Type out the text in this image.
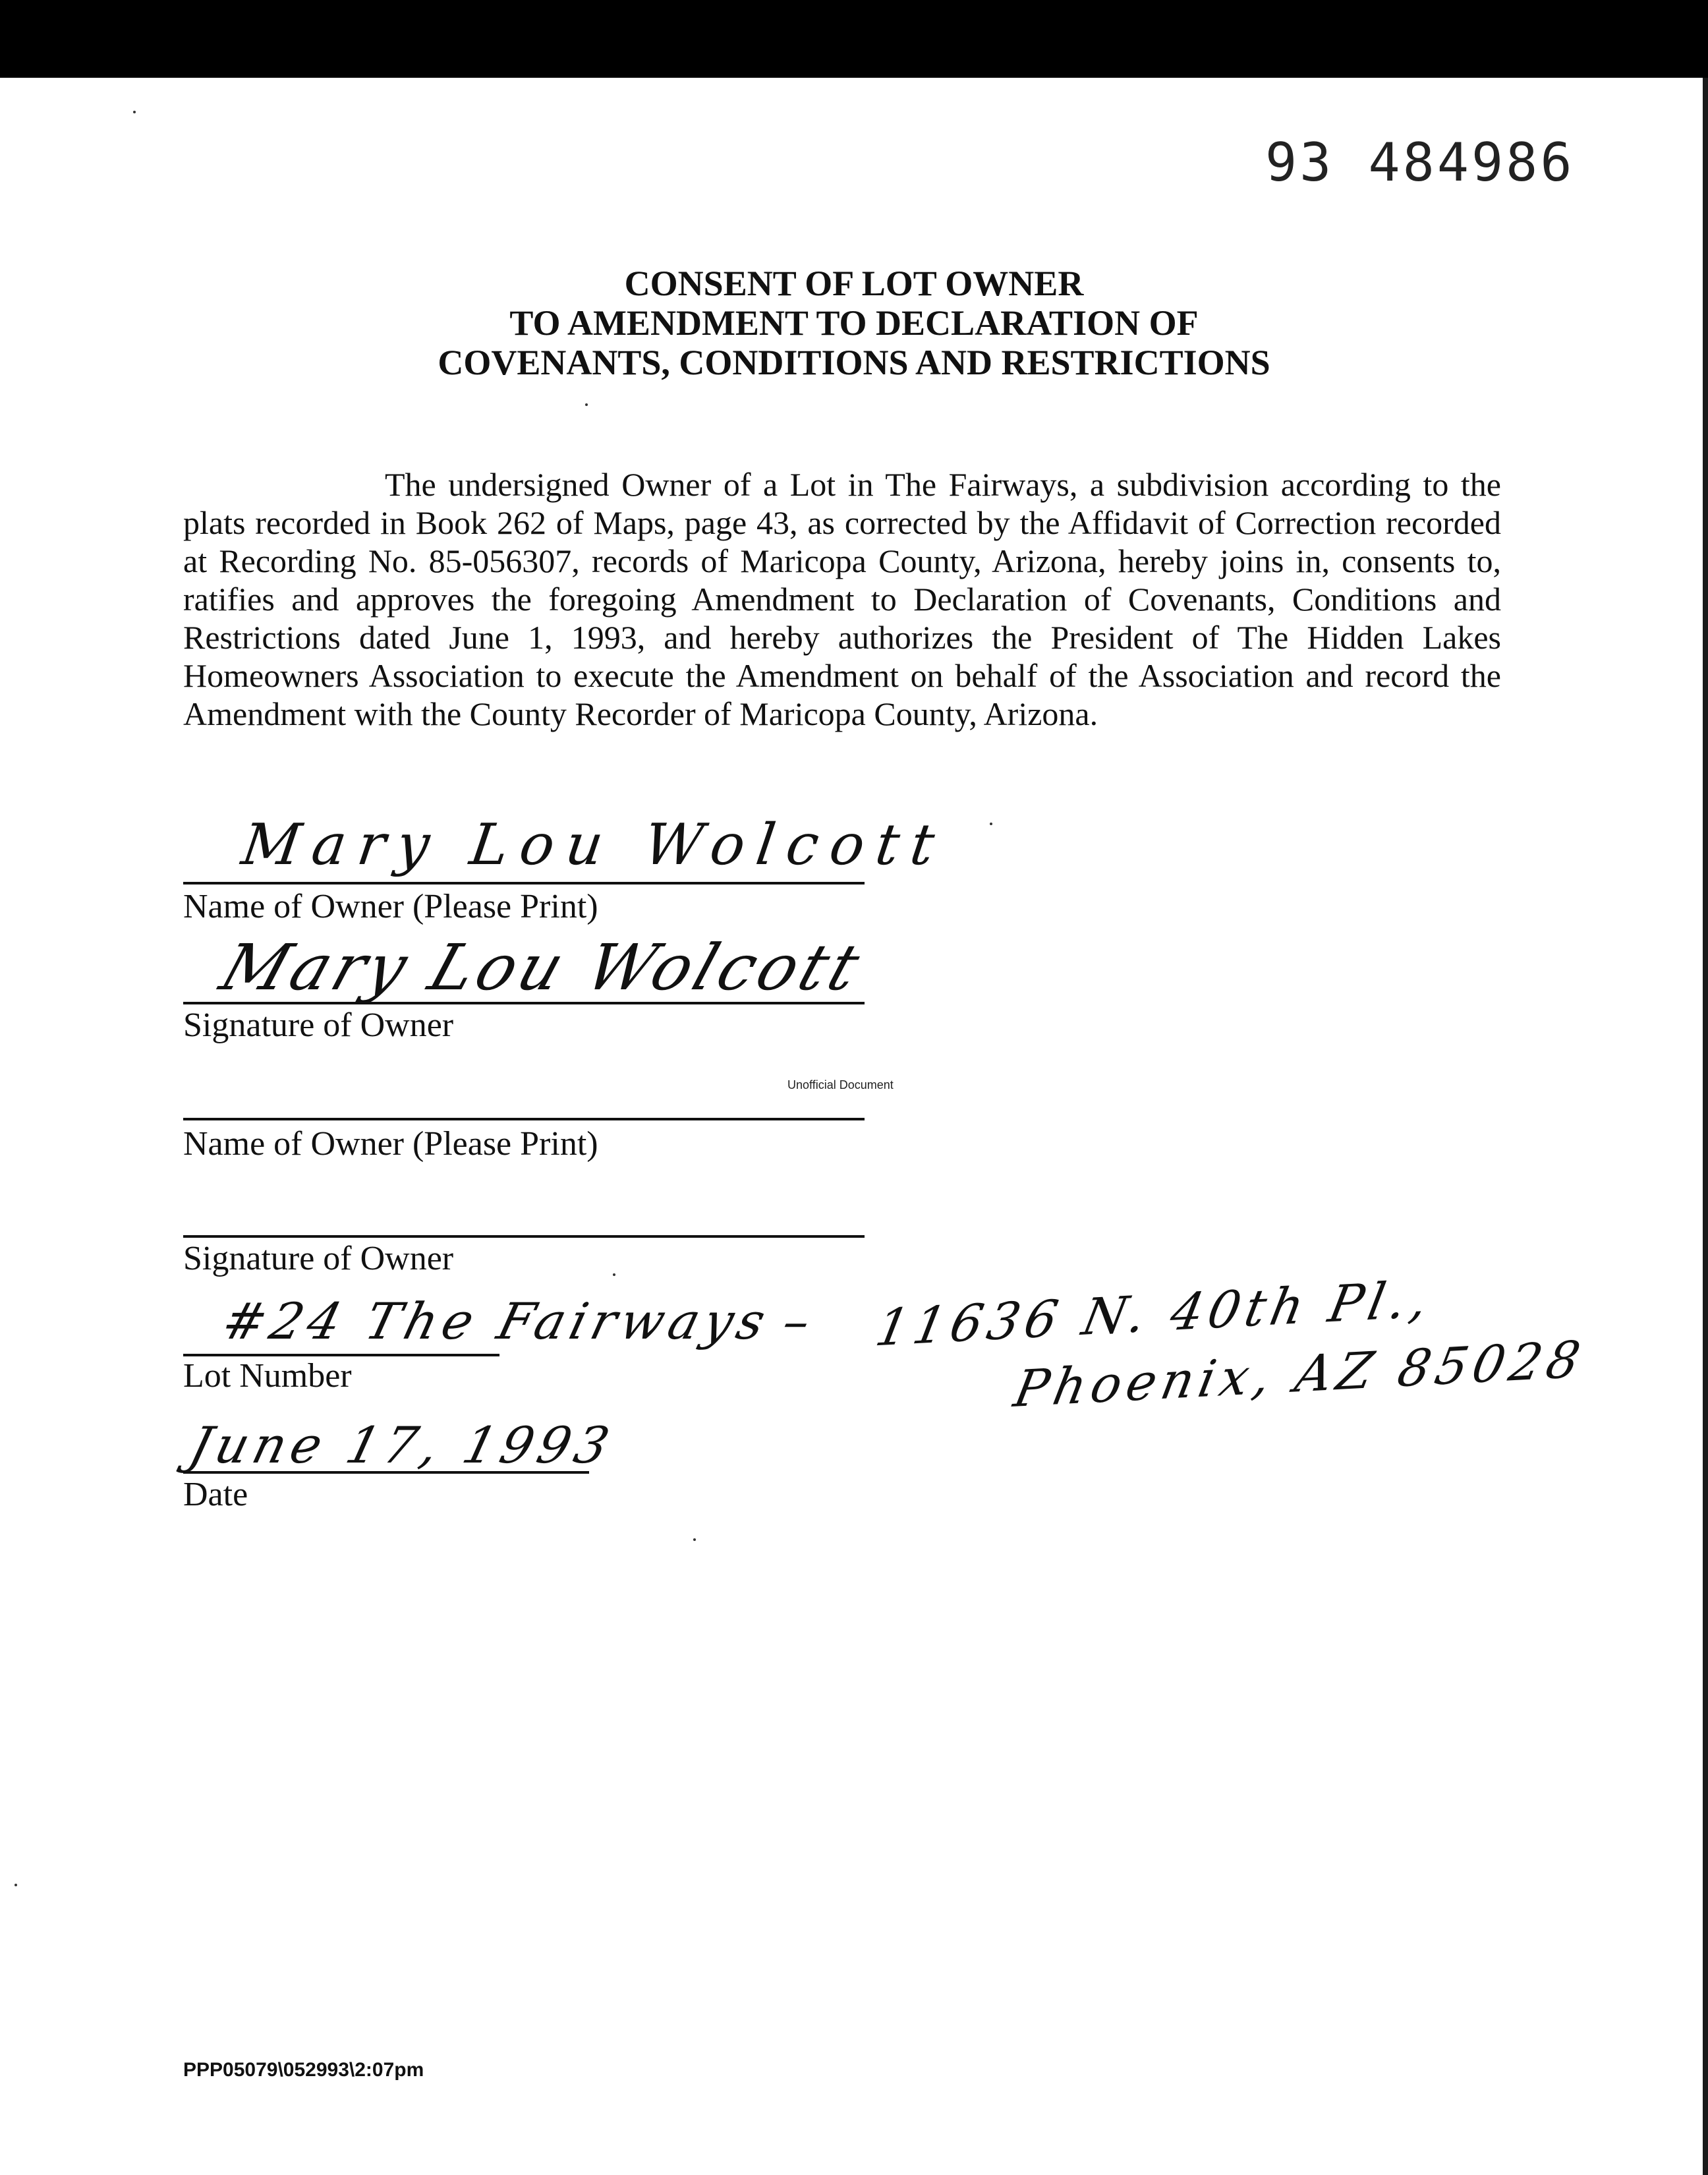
93 484986
CONSENT OF LOT OWNER
TO AMENDMENT TO DECLARATION OF
COVENANTS, CONDITIONS AND RESTRICTIONS
The undersigned Owner of a Lot in The Fairways, a subdivision according to the plats recorded in Book 262 of Maps, page 43, as corrected by the Affidavit of Correction recorded at Recording No. 85-056307, records of Maricopa County, Arizona, hereby joins in, consents to, ratifies and approves the foregoing Amendment to Declaration of Covenants, Conditions and Restrictions dated June 1, 1993, and hereby authorizes the President of The Hidden Lakes Homeowners Association to execute the Amendment on behalf of the Association and record the Amendment with the County Recorder of Maricopa County, Arizona.
Mary Lou Wolcott
Name of Owner (Please Print)
Mary Lou Wolcott
Signature of Owner
Unofficial Document
Name of Owner (Please Print)
Signature of Owner
#24 The Fairways – 11636 N. 40th Pl.,
Phoenix, AZ 85028
Lot Number
June 17, 1993
Date
PPP05079\052993\2:07pm
